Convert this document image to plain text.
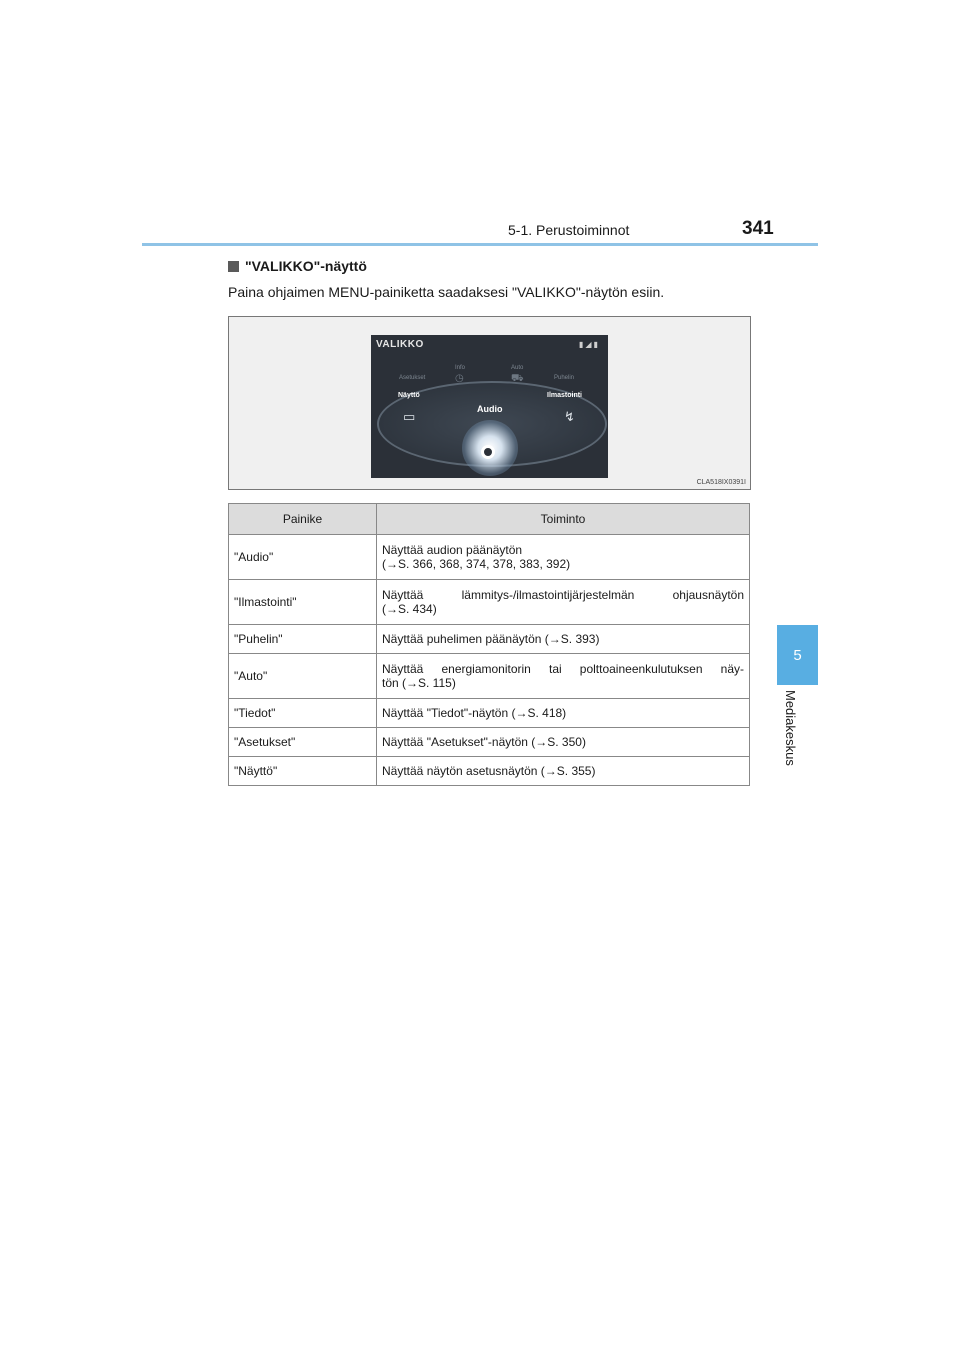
5-1. Perustoiminnot	341
5
Mediakeskus
"VALIKKO"-näyttö
Paina ohjaimen MENU-painiketta saadaksesi "VALIKKO"-näytön esiin.
VALIKKO	▮◢▮
Asetukset
Info	Auto
Puhelin
◷	⛟
Näyttö	Ilmastointi
Audio
▭	↯
CLA518IX0391I
Painike	Toiminto
"Audio"	Näyttää audion päänäytön
(→S. 366, 368, 374, 378, 383, 392)

"Ilmastointi"	Näyttää lämmitys-/ilmastointijärjestelmän ohjausnäytön
(→S. 434)

"Puhelin"	Näyttää puhelimen päänäytön (→S. 393)
"Auto"	Näyttää energiamonitorin tai polttoaineenkulutuksen näy-
tön (→S. 115)

"Tiedot"	Näyttää "Tiedot"-näytön (→S. 418)
"Asetukset"	Näyttää "Asetukset"-näytön (→S. 350)
"Näyttö"	Näyttää näytön asetusnäytön (→S. 355)
